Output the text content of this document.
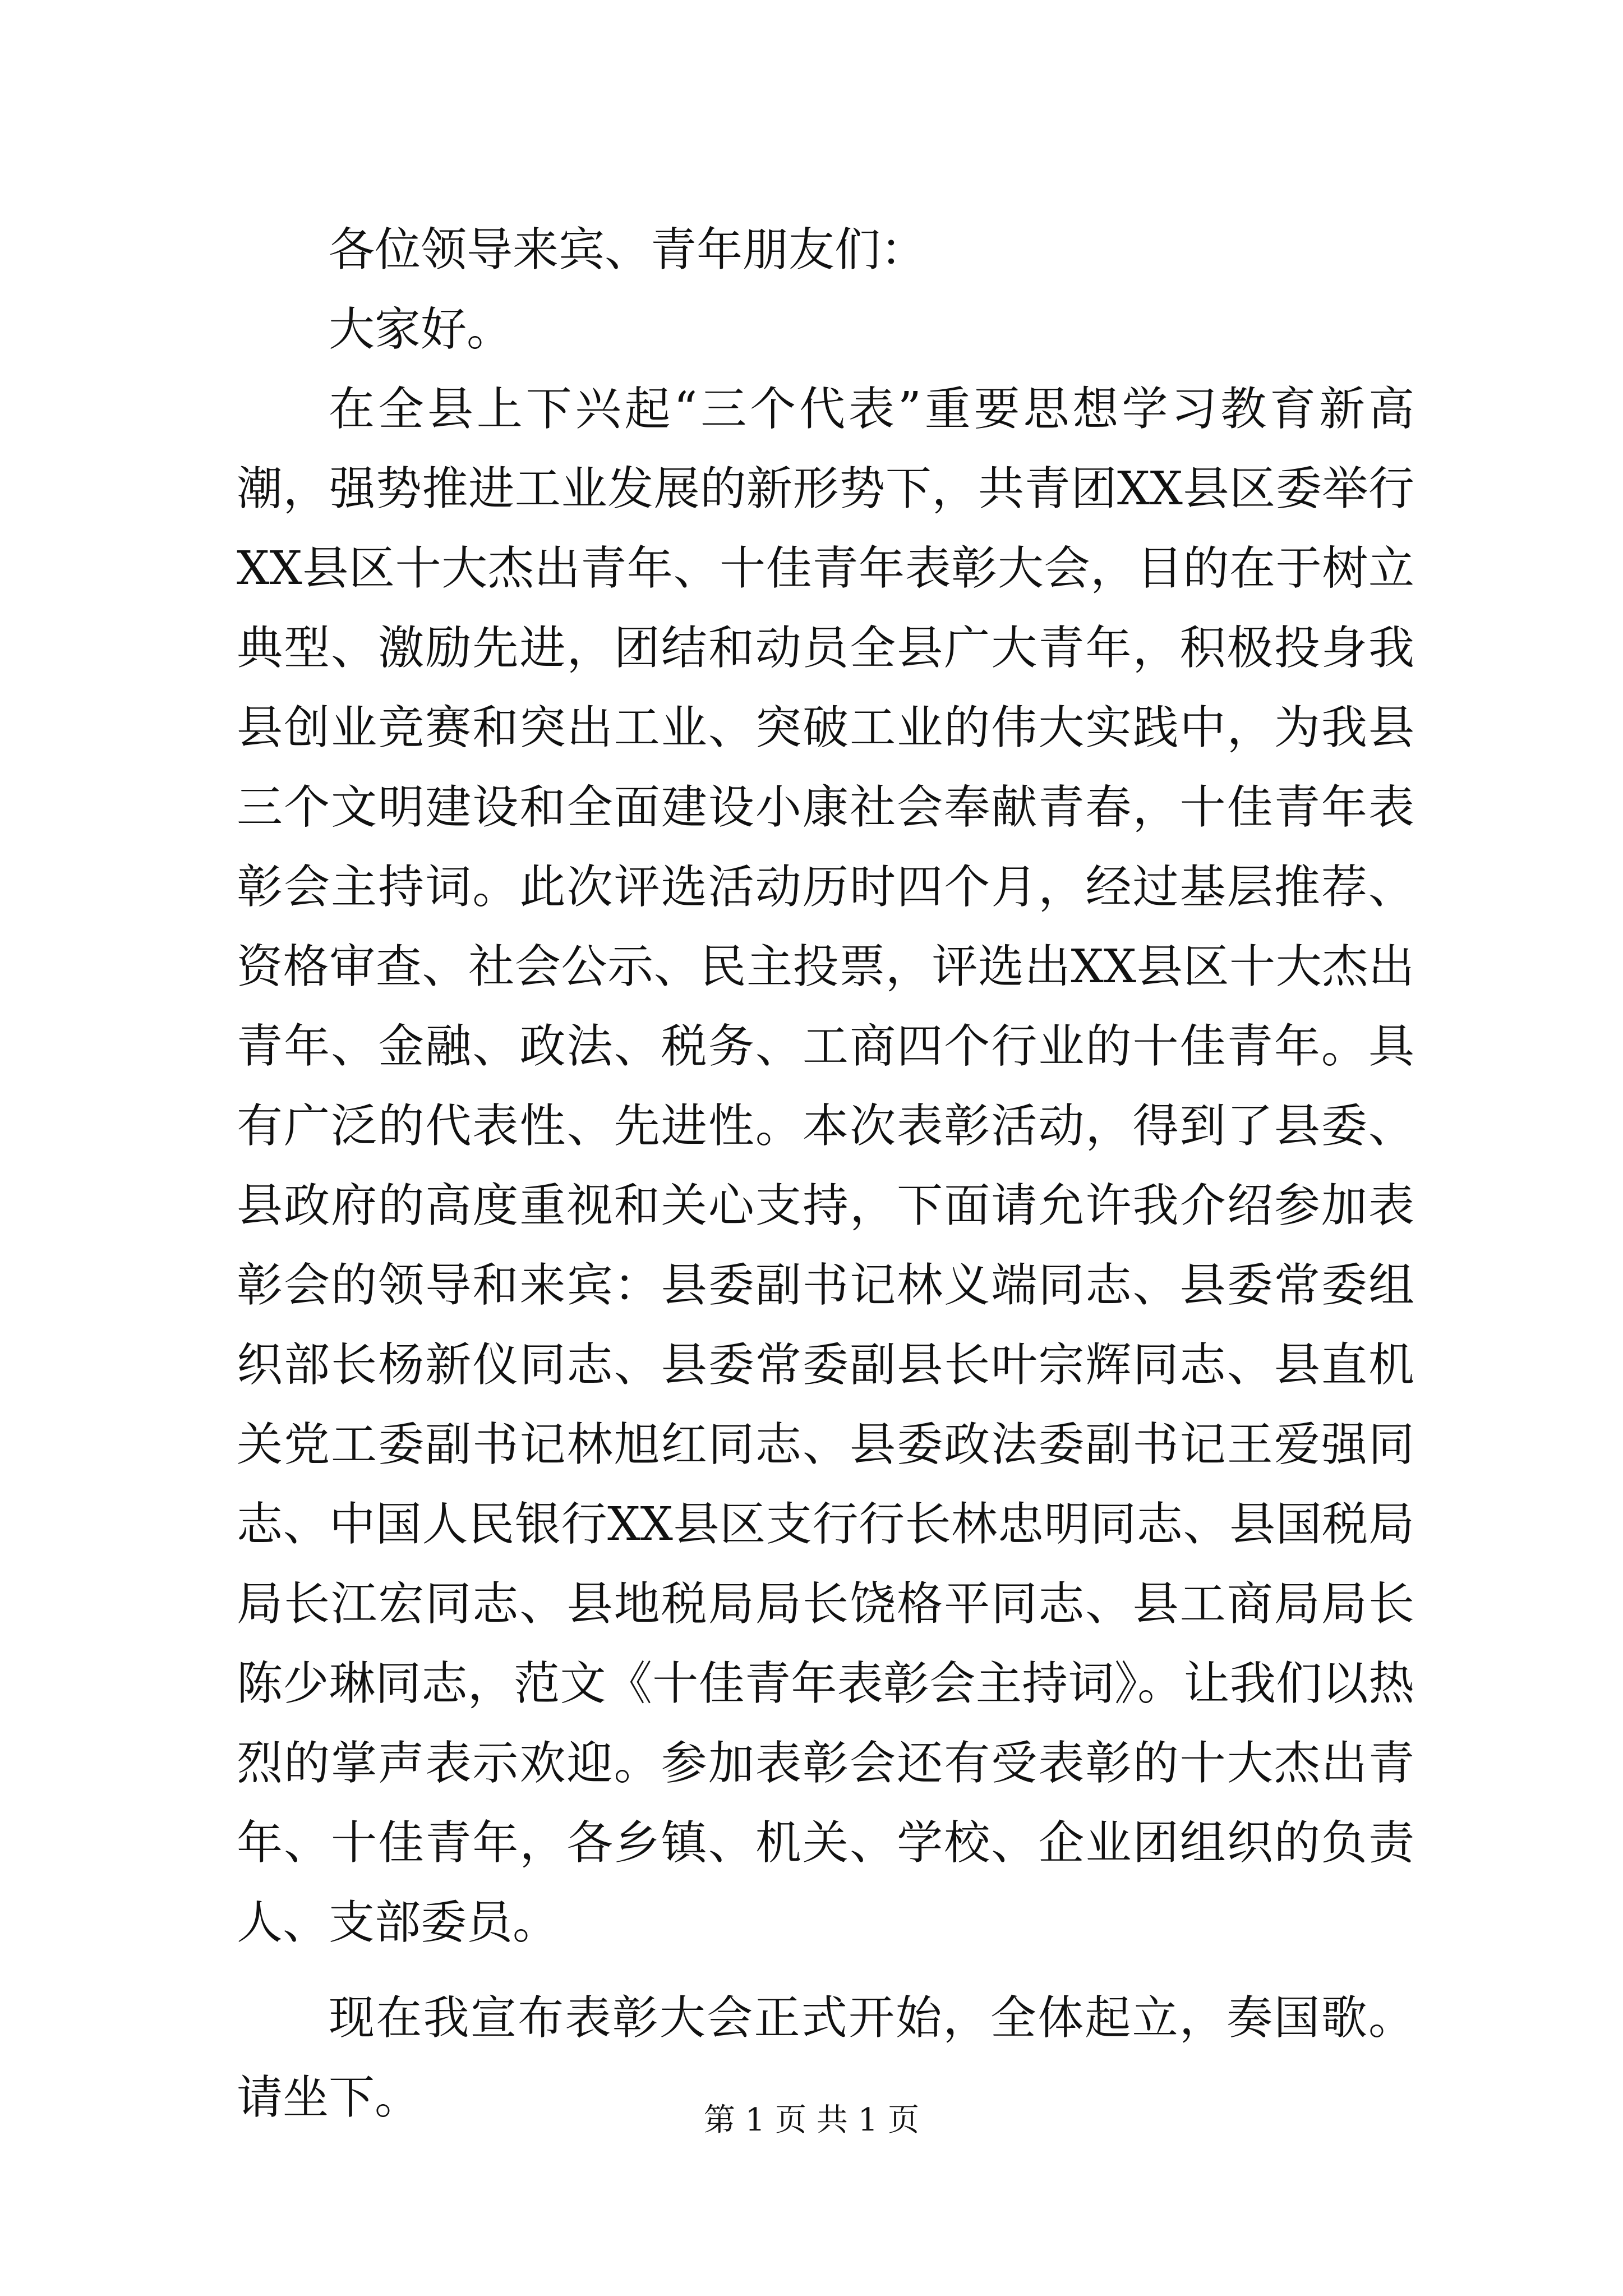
各位领导来宾、青年朋友们：

大家好。

在全县上下兴起“三个代表”重要思想学习教育新高潮，强势推进工业发展的新形势下，共青团XX县区委举行XX县区十大杰出青年、十佳青年表彰大会，目的在于树立典型、激励先进，团结和动员全县广大青年，积极投身我县创业竞赛和突出工业、突破工业的伟大实践中，为我县三个文明建设和全面建设小康社会奉献青春，十佳青年表彰会主持词。此次评选活动历时四个月，经过基层推荐、资格审查、社会公示、民主投票，评选出XX县区十大杰出青年、金融、政法、税务、工商四个行业的十佳青年。具有广泛的代表性、先进性。本次表彰活动，得到了县委、县政府的高度重视和关心支持，下面请允许我介绍参加表彰会的领导和来宾：县委副书记林义端同志、县委常委组织部长杨新仪同志、县委常委副县长叶宗辉同志、县直机关党工委副书记林旭红同志、县委政法委副书记王爱强同志、中国人民银行XX县区支行行长林忠明同志、县国税局局长江宏同志、县地税局局长饶格平同志、县工商局局长陈少琳同志，范文《十佳青年表彰会主持词》。让我们以热烈的掌声表示欢迎。参加表彰会还有受表彰的十大杰出青年、十佳青年，各乡镇、机关、学校、企业团组织的负责人、支部委员。

现在我宣布表彰大会正式开始，全体起立，奏国歌。请坐下。	第 1 页 共 1 页
